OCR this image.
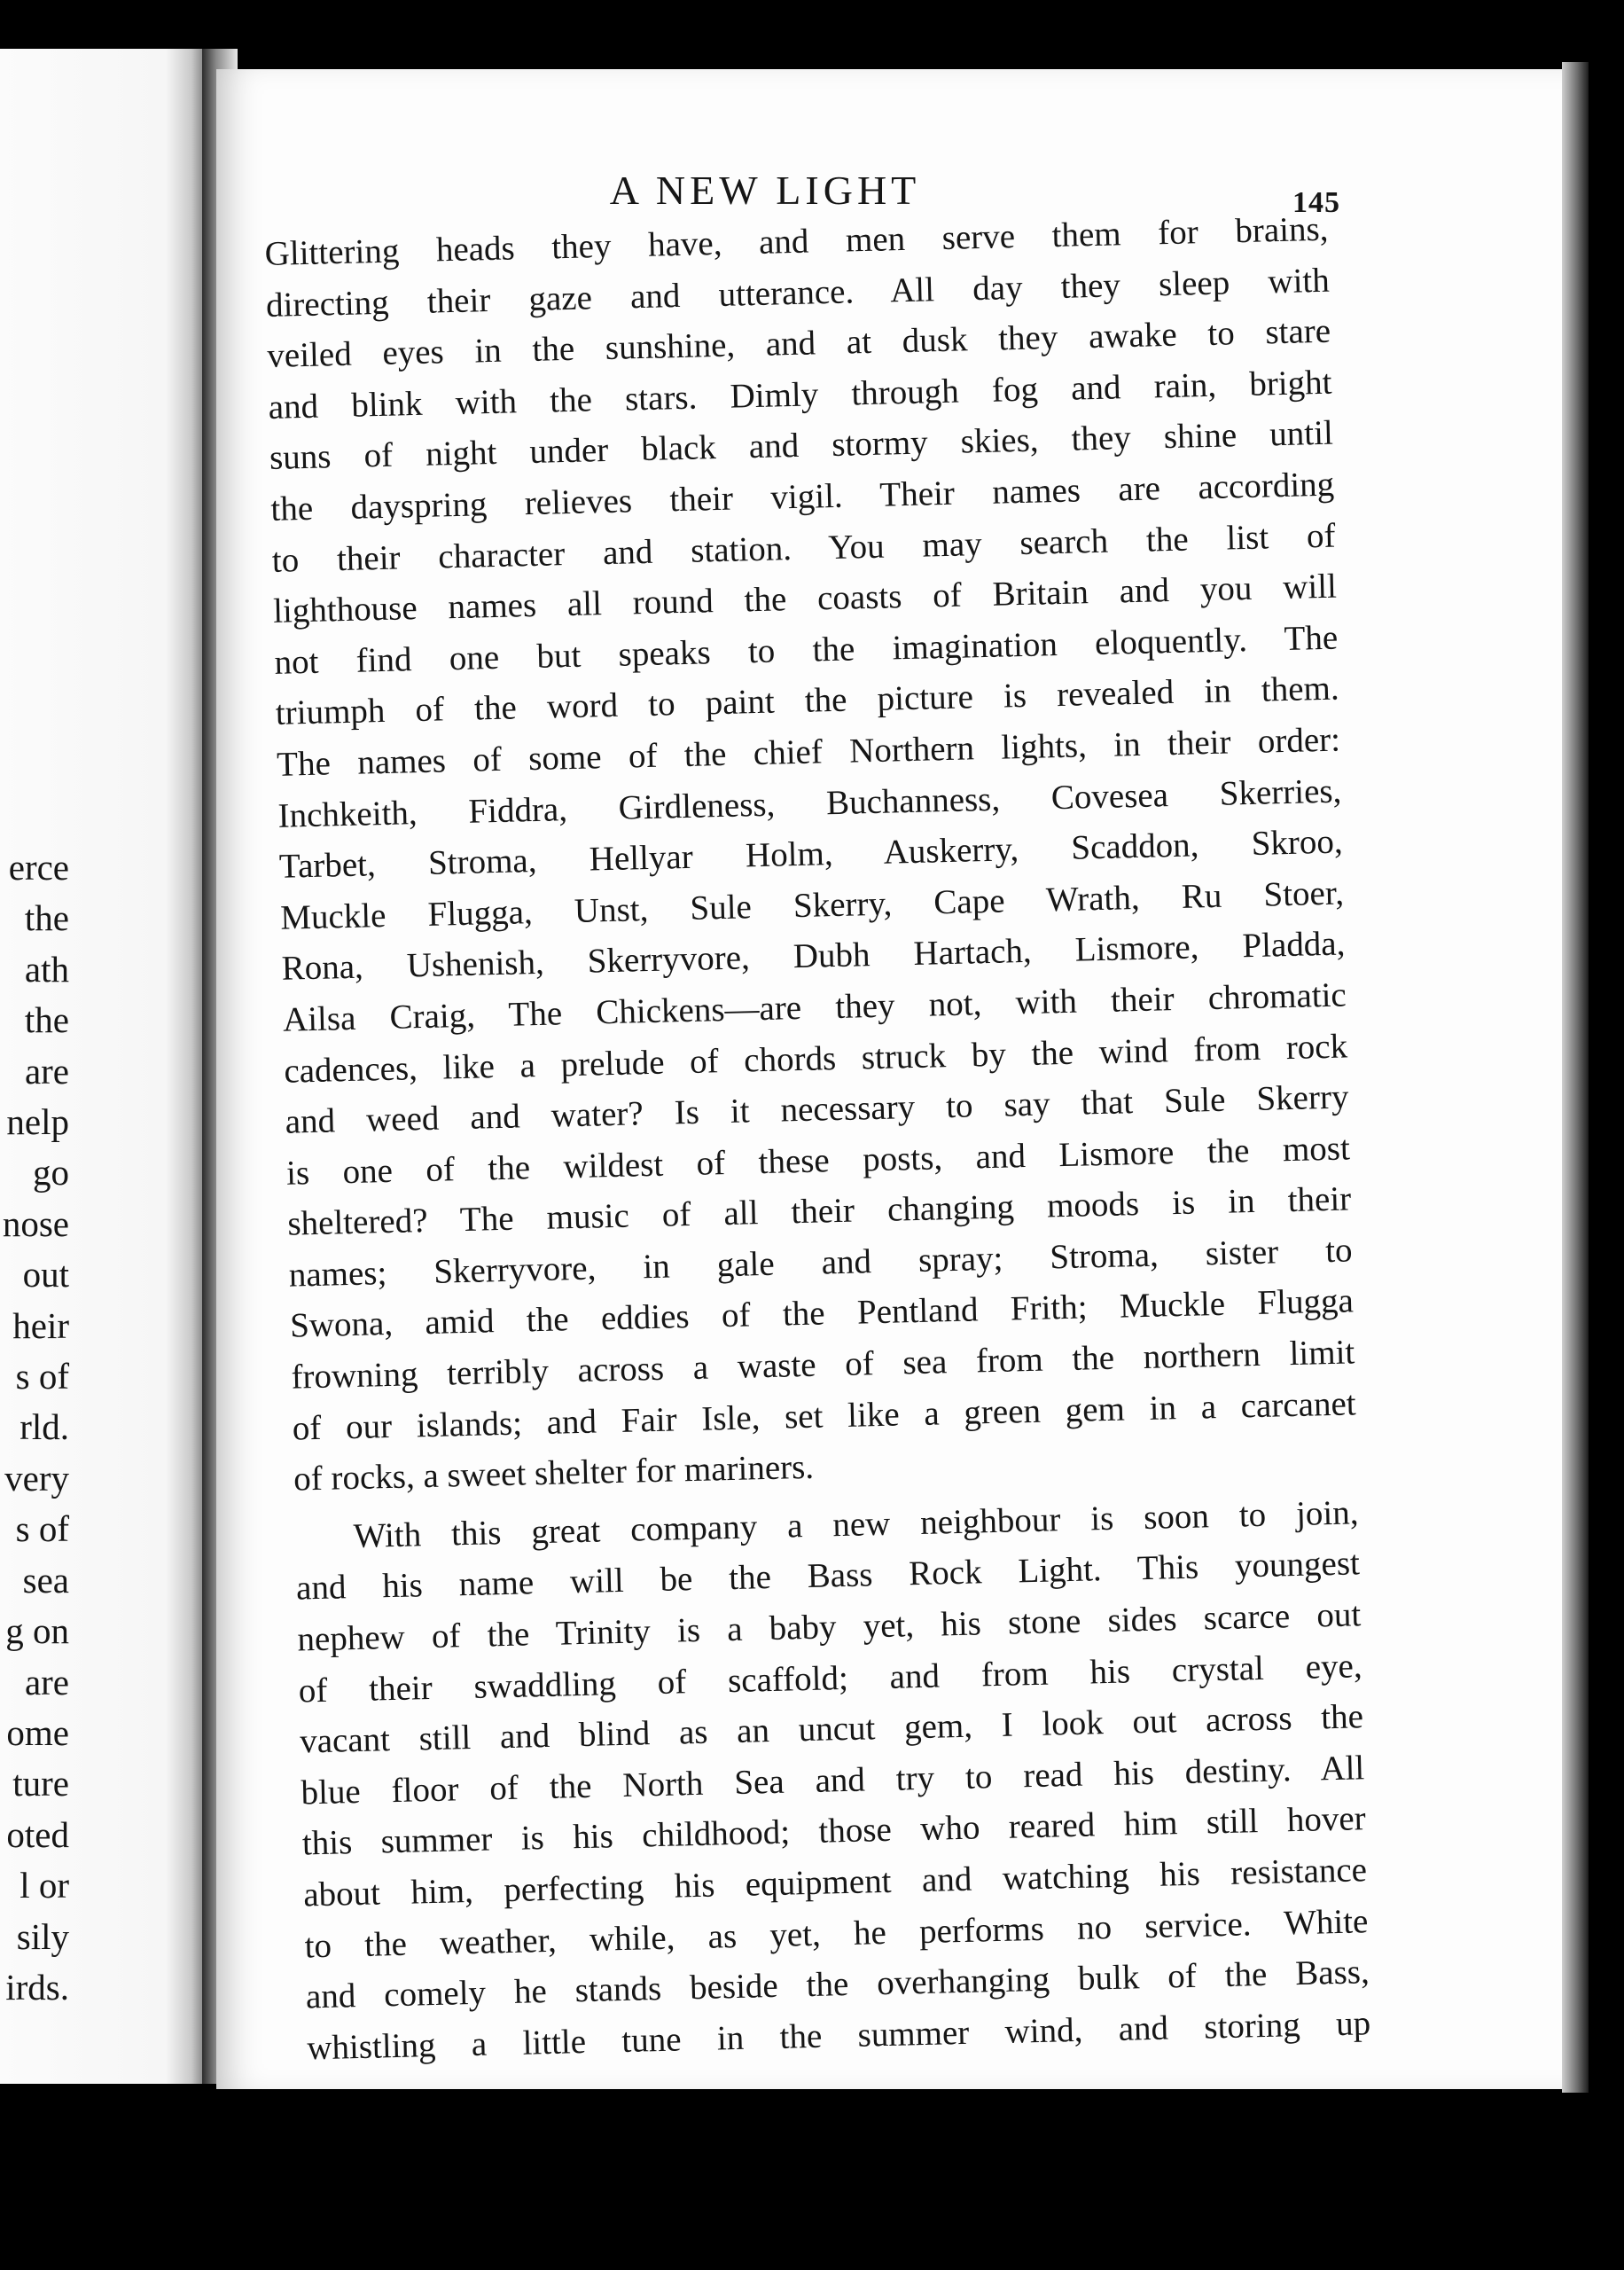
erce
the
ath
the
are
nelp
go
nose
out
heir
s of
rld.
very
s of
sea
g on
are
ome
ture
oted
l or
sily
irds.
A NEW LIGHT	145
Glittering heads they have, and men serve them for brains,
directing their gaze and utterance. All day they sleep with
veiled eyes in the sunshine, and at dusk they awake to stare
and blink with the stars. Dimly through fog and rain, bright
suns of night under black and stormy skies, they shine until
the dayspring relieves their vigil. Their names are according
to their character and station. You may search the list of
lighthouse names all round the coasts of Britain and you will
not find one but speaks to the imagination eloquently. The
triumph of the word to paint the picture is revealed in them.
The names of some of the chief Northern lights, in their order:
Inchkeith, Fiddra, Girdleness, Buchanness, Covesea Skerries,
Tarbet, Stroma, Hellyar Holm, Auskerry, Scaddon, Skroo,
Muckle Flugga, Unst, Sule Skerry, Cape Wrath, Ru Stoer,
Rona, Ushenish, Skerryvore, Dubh Hartach, Lismore, Pladda,
Ailsa Craig, The Chickens—are they not, with their chromatic
cadences, like a prelude of chords struck by the wind from rock
and weed and water? Is it necessary to say that Sule Skerry
is one of the wildest of these posts, and Lismore the most
sheltered? The music of all their changing moods is in their
names; Skerryvore, in gale and spray; Stroma, sister to
Swona, amid the eddies of the Pentland Frith; Muckle Flugga
frowning terribly across a waste of sea from the northern limit
of our islands; and Fair Isle, set like a green gem in a carcanet
of rocks, a sweet shelter for mariners.
With this great company a new neighbour is soon to join,
and his name will be the Bass Rock Light. This youngest
nephew of the Trinity is a baby yet, his stone sides scarce out
of their swaddling of scaffold; and from his crystal eye,
vacant still and blind as an uncut gem, I look out across the
blue floor of the North Sea and try to read his destiny. All
this summer is his childhood; those who reared him still hover
about him, perfecting his equipment and watching his resistance
to the weather, while, as yet, he performs no service. White
and comely he stands beside the overhanging bulk of the Bass,
whistling a little tune in the summer wind, and storing up
